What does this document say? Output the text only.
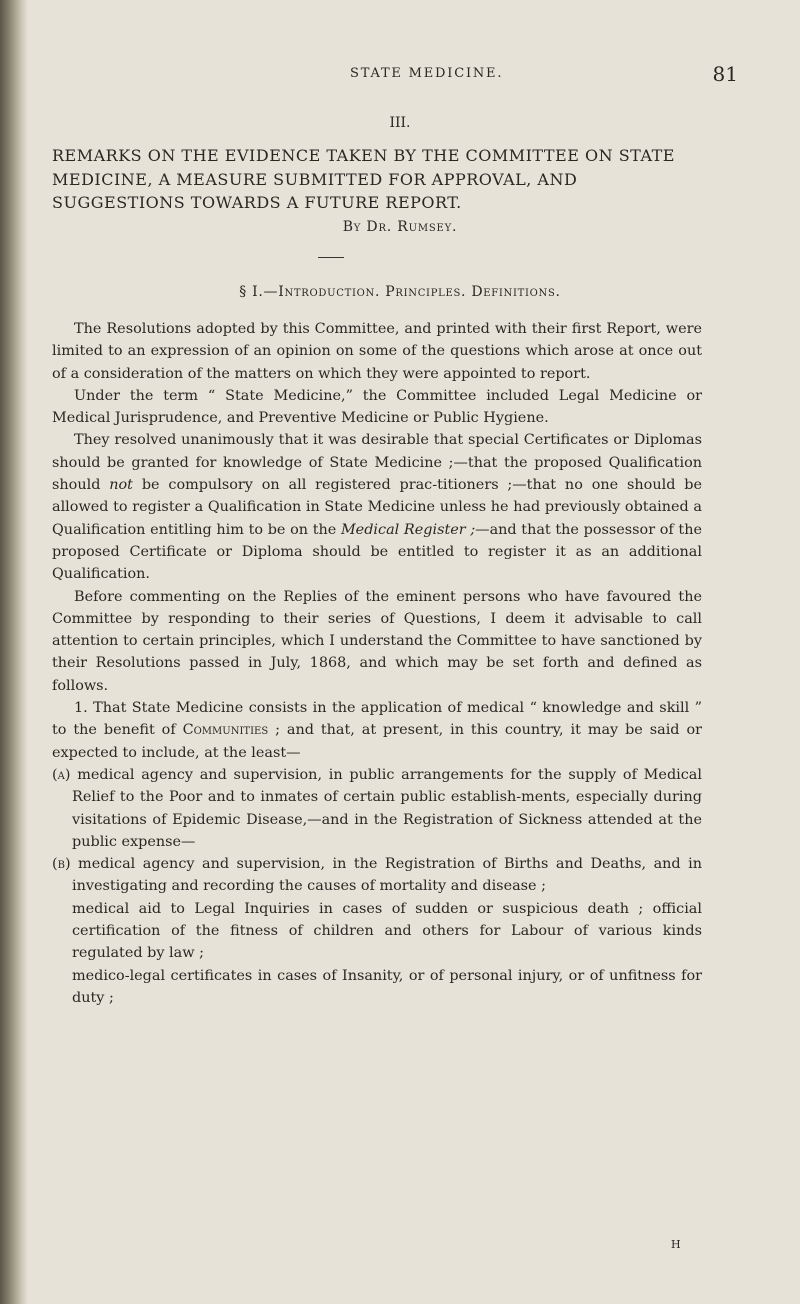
STATE MEDICINE.	81
III.
REMARKS ON THE EVIDENCE TAKEN BY THE COMMITTEE ON STATE MEDICINE, A MEASURE SUBMITTED FOR APPROVAL, AND SUGGESTIONS TOWARDS A FUTURE REPORT.
By Dr. Rumsey.
§ I.—Introduction. Principles. Definitions.

The Resolutions adopted by this Committee, and printed with their first Report, were limited to an expression of an opinion on some of the questions which arose at once out of a consideration of the matters on which they were appointed to report.

Under the term “ State Medicine,” the Committee included Legal Medicine or Medical Jurisprudence, and Preventive Medicine or Public Hygiene.

They resolved unanimously that it was desirable that special Certificates or Diplomas should be granted for knowledge of State Medicine ;—that the proposed Qualification should not be compulsory on all registered prac-titioners ;—that no one should be allowed to register a Qualification in State Medicine unless he had previously obtained a Qualification entitling him to be on the Medical Register ;—and that the possessor of the proposed Certificate or Diploma should be entitled to register it as an additional Qualification.

Before commenting on the Replies of the eminent persons who have favoured the Committee by responding to their series of Questions, I deem it advisable to call attention to certain principles, which I understand the Committee to have sanctioned by their Resolutions passed in July, 1868, and which may be set forth and defined as follows.

1. That State Medicine consists in the application of medical “ knowledge and skill ” to the benefit of Communities ; and that, at present, in this country, it may be said or expected to include, at the least—

(a) medical agency and supervision, in public arrangements for the supply of Medical Relief to the Poor and to inmates of certain public establish-ments, especially during visitations of Epidemic Disease,—and in the Registration of Sickness attended at the public expense—

(b) medical agency and supervision, in the Registration of Births and Deaths, and in investigating and recording the causes of mortality and disease ;

medical aid to Legal Inquiries in cases of sudden or suspicious death ; official certification of the fitness of children and others for Labour of various kinds regulated by law ;

medico-legal certificates in cases of Insanity, or of personal injury, or of unfitness for duty ;

H
